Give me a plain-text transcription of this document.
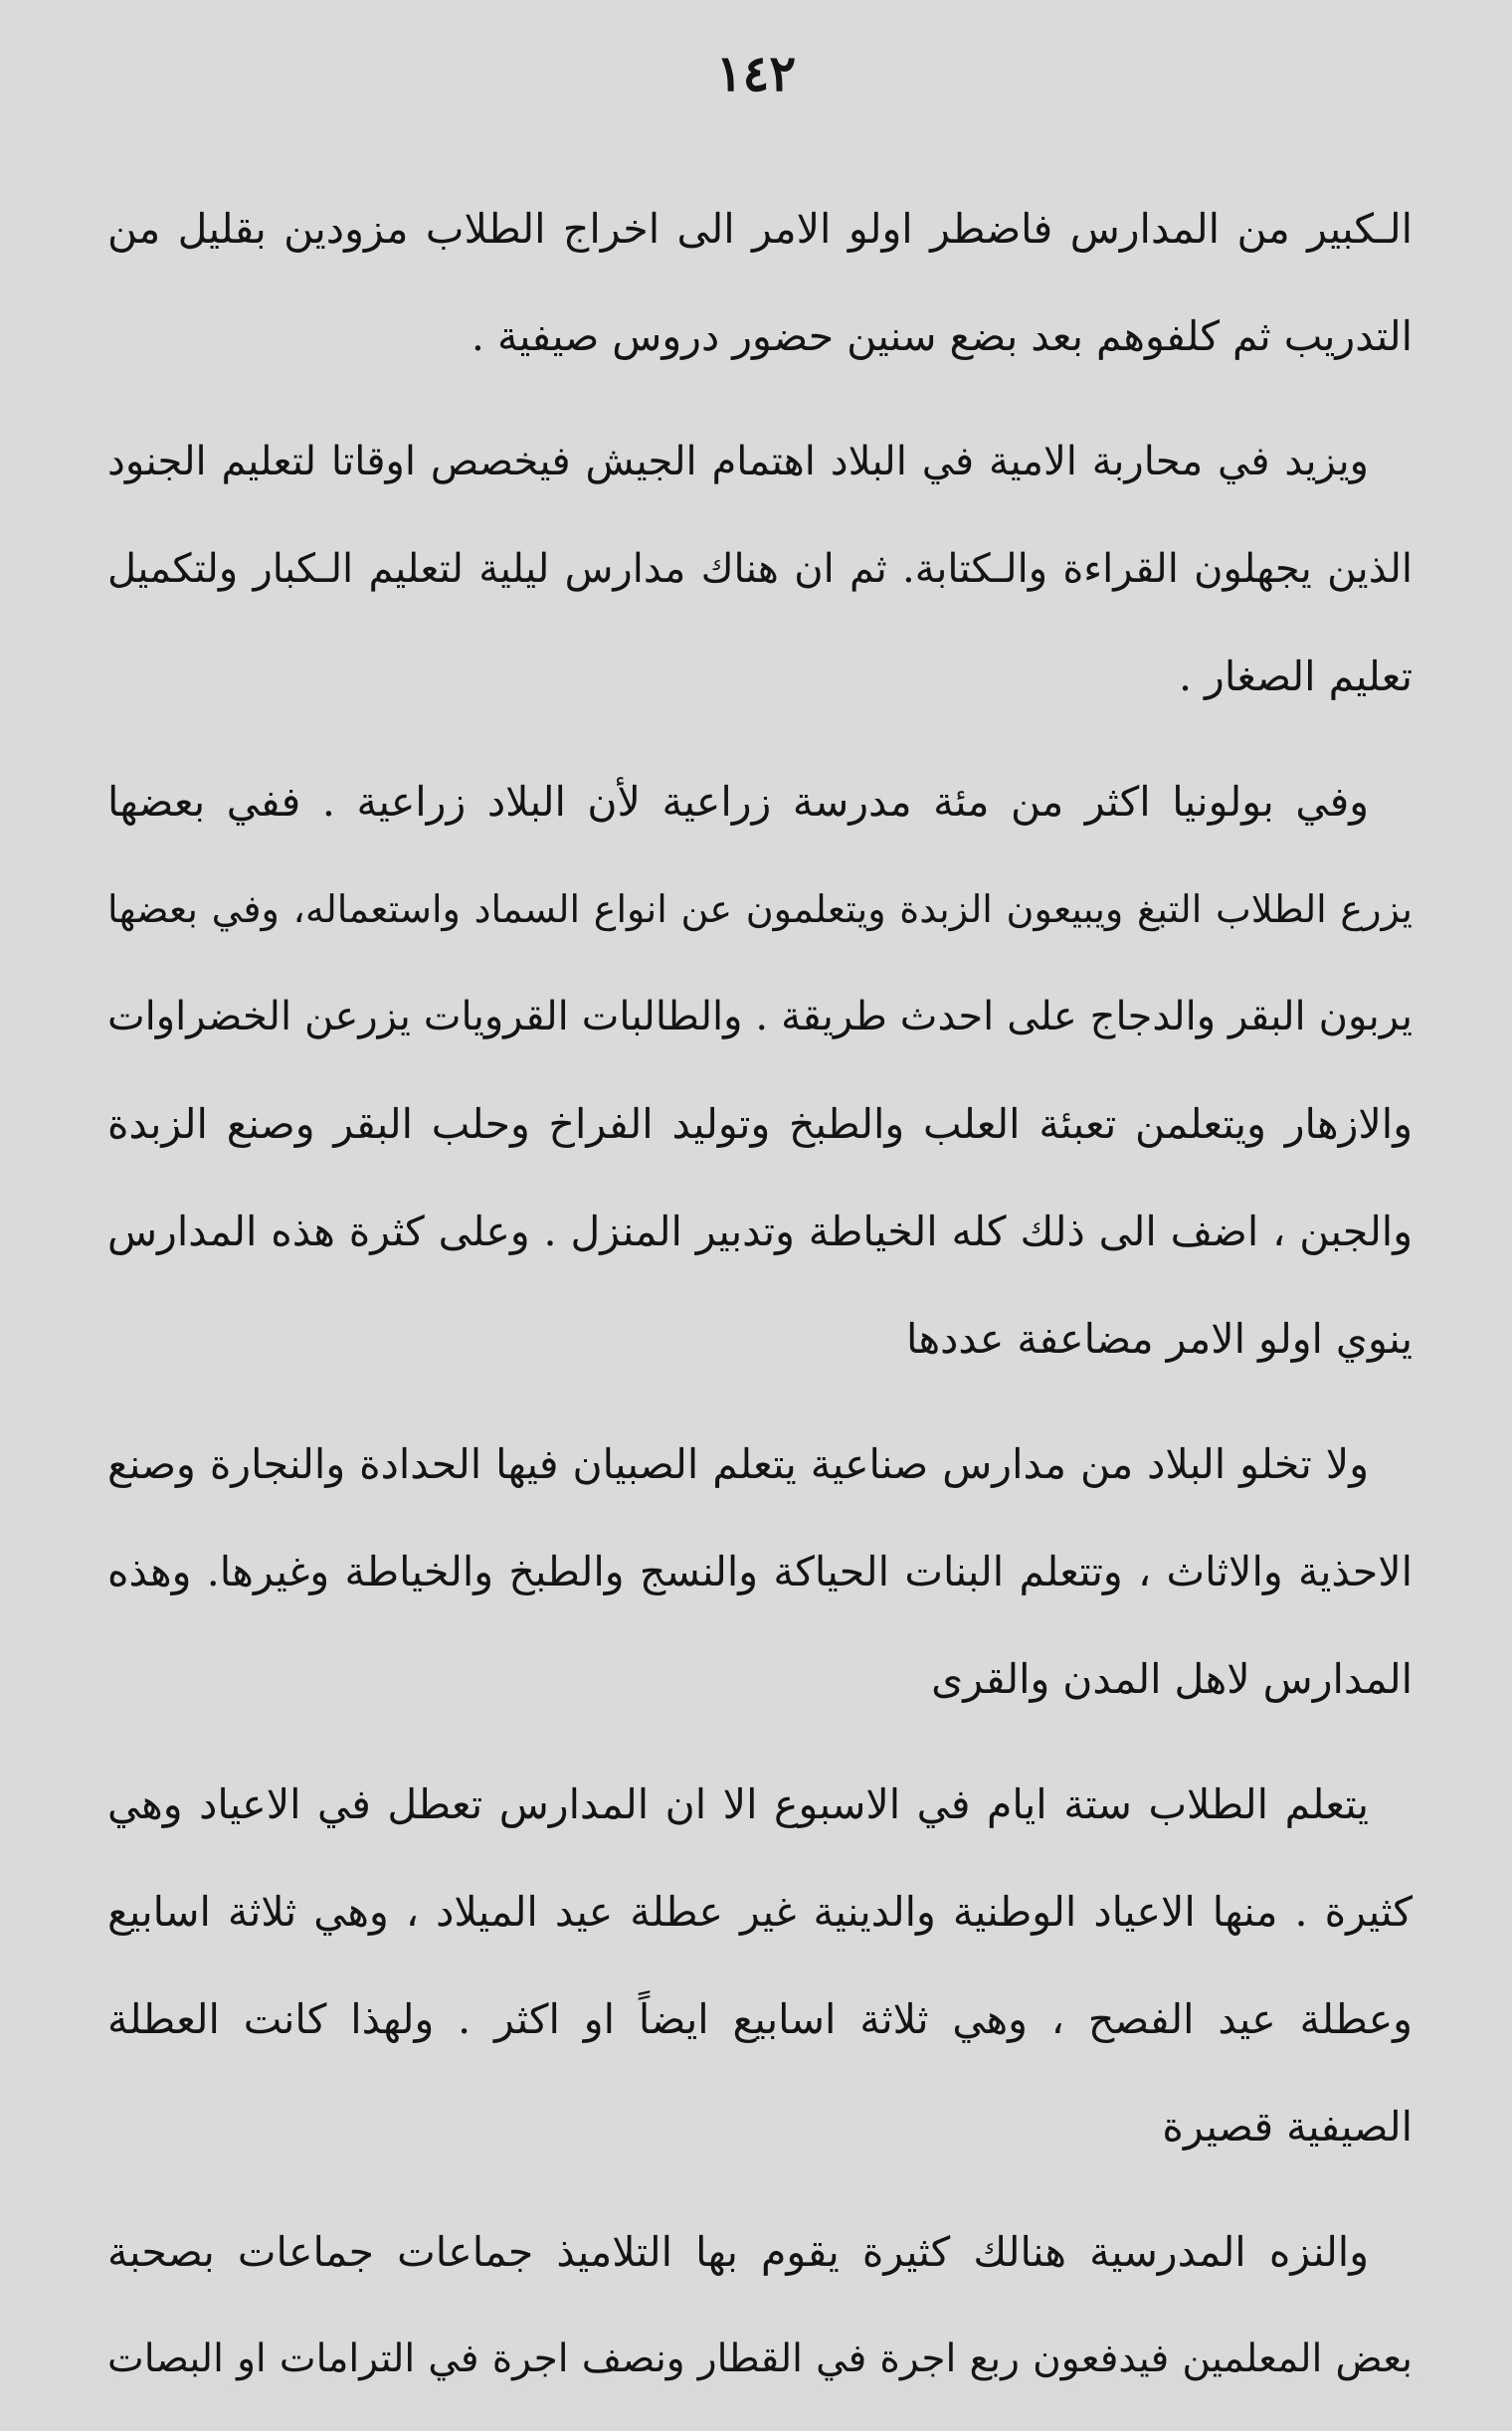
١٤٢
الـكبير من المدارس فاضطر اولو الامر الى اخراج الطلاب مزودين بقليل من
التدريب ثم كلفوهم بعد بضع سنين حضور دروس صيفية .
ويزيد في محاربة الامية في البلاد اهتمام الجيش فيخصص اوقاتا لتعليم الجنود
الذين يجهلون القراءة والـكتابة. ثم ان هناك مدارس ليلية لتعليم الـكبار ولتكميل
تعليم الصغار .
وفي بولونيا اكثر من مئة مدرسة زراعية لأن البلاد زراعية . ففي بعضها
يزرع الطلاب التبغ ويبيعون الزبدة ويتعلمون عن انواع السماد واستعماله، وفي بعضها
يربون البقر والدجاج على احدث طريقة . والطالبات القرويات يزرعن الخضراوات
والازهار ويتعلمن تعبئة العلب والطبخ وتوليد الفراخ وحلب البقر وصنع الزبدة
والجبن ، اضف الى ذلك كله الخياطة وتدبير المنزل . وعلى كثرة هذه المدارس
ينوي اولو الامر مضاعفة عددها
ولا تخلو البلاد من مدارس صناعية يتعلم الصبيان فيها الحدادة والنجارة وصنع
الاحذية والاثاث ، وتتعلم البنات الحياكة والنسج والطبخ والخياطة وغيرها. وهذه
المدارس لاهل المدن والقرى
يتعلم الطلاب ستة ايام في الاسبوع الا ان المدارس تعطل في الاعياد وهي
كثيرة . منها الاعياد الوطنية والدينية غير عطلة عيد الميلاد ، وهي ثلاثة اسابيع
وعطلة عيد الفصح ، وهي ثلاثة اسابيع ايضاً او اكثر . ولهذا كانت العطلة
الصيفية قصيرة
والنزه المدرسية هنالك كثيرة يقوم بها التلاميذ جماعات جماعات بصحبة
بعض المعلمين فيدفعون ربع اجرة في القطار ونصف اجرة في الترامات او البصات
